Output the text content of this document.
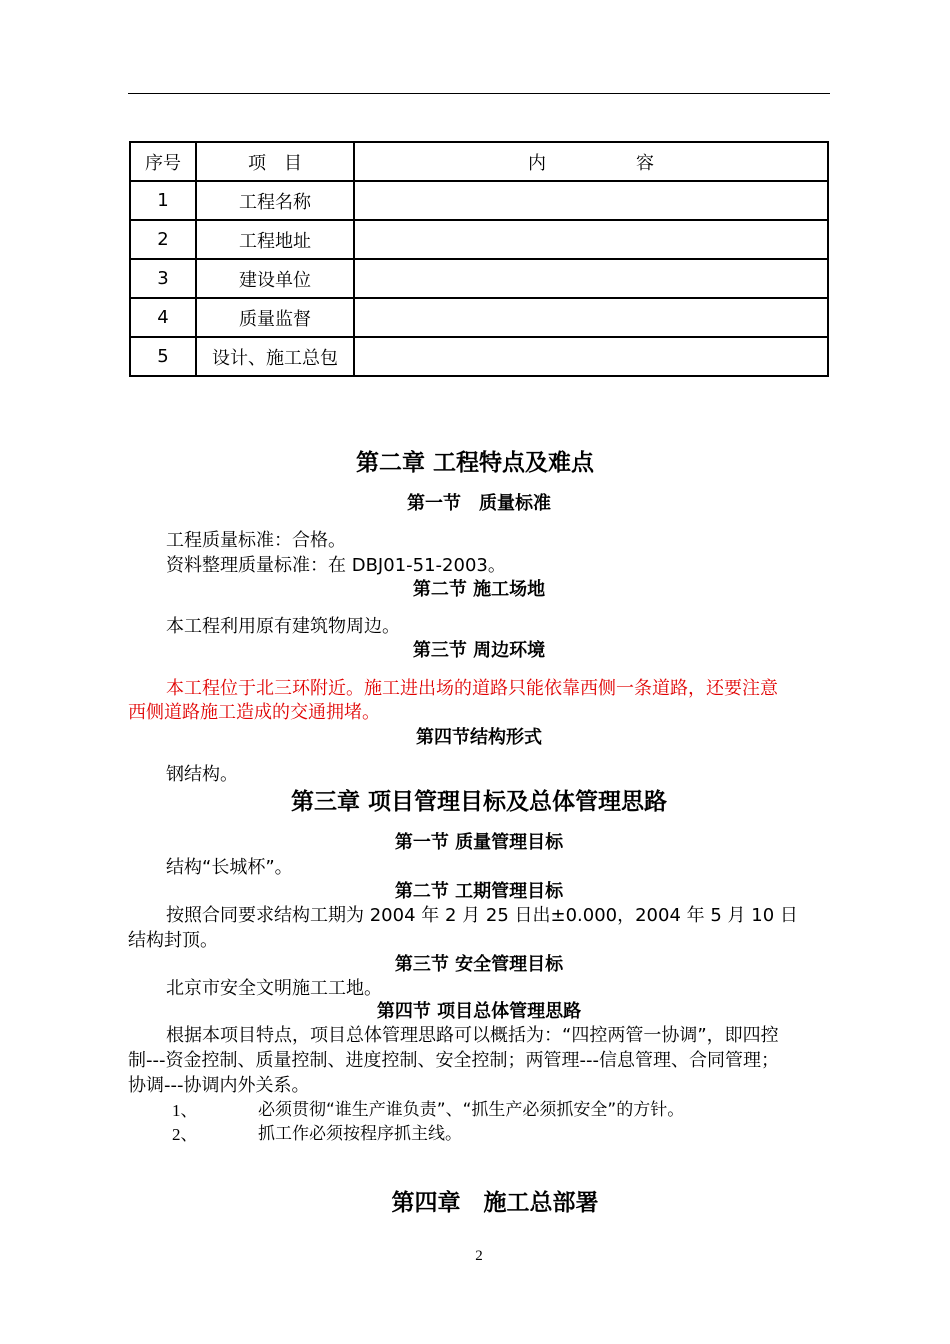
序号	项　目	内　　　　　容
1	工程名称	
2	工程地址	
3	建设单位	
4	质量监督	
5	设计、施工总包	
第二章 工程特点及难点
第一节　质量标准
工程质量标准：合格。
资料整理质量标准：在 DBJ01-51-2003。
第二节 施工场地
本工程利用原有建筑物周边。
第三节 周边环境
本工程位于北三环附近。施工进出场的道路只能依靠西侧一条道路，还要注意
西侧道路施工造成的交通拥堵。
第四节结构形式
钢结构。
第三章 项目管理目标及总体管理思路
第一节 质量管理目标
结构“长城杯”。
第二节 工期管理目标
按照合同要求结构工期为 2004 年 2 月 25 日出±0.000，2004 年 5 月 10 日
结构封顶。
第三节 安全管理目标
北京市安全文明施工工地。
第四节 项目总体管理思路
根据本项目特点，项目总体管理思路可以概括为：“四控两管一协调”，即四控
制---资金控制、质量控制、进度控制、安全控制；两管理---信息管理、合同管理；
协调---协调内外关系。
1、	必须贯彻“谁生产谁负责”、“抓生产必须抓安全”的方针。
2、	抓工作必须按程序抓主线。
第四章　施工总部署
2
